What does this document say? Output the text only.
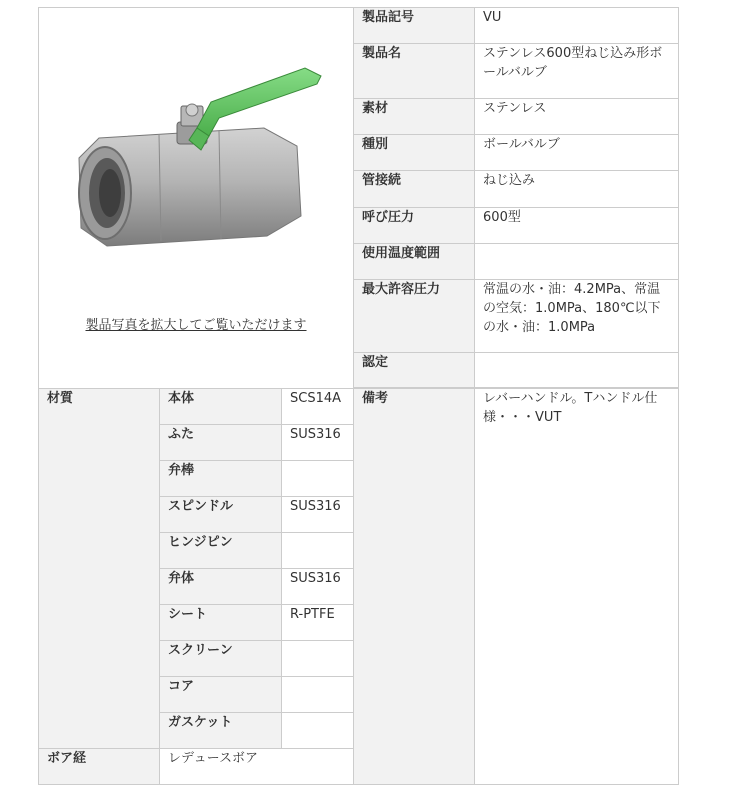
製品写真を拡大してご覧いただけます			製品記号	VU
			製品名	ステンレス600型ねじ込み形ボールバルブ
			素材	ステンレス
			種別	ボールバルブ
			管接続	ねじ込み
			呼び圧力	600型
			使用温度範囲	
			最大許容圧力	常温の水・油：4.2MPa、常温の空気：1.0MPa、180℃以下の水・油：1.0MPa
			認定	

材質	本体	SCS14A	備考	レバーハンドル。Tハンドル仕様・・・VUT
	ふた	SUS316		
	弁棒			
	スピンドル	SUS316		
	ヒンジピン			
	弁体	SUS316		
	シート	R-PTFE		
	スクリーン			
	コア			
	ガスケット			
ボア経	レデュースボア			
